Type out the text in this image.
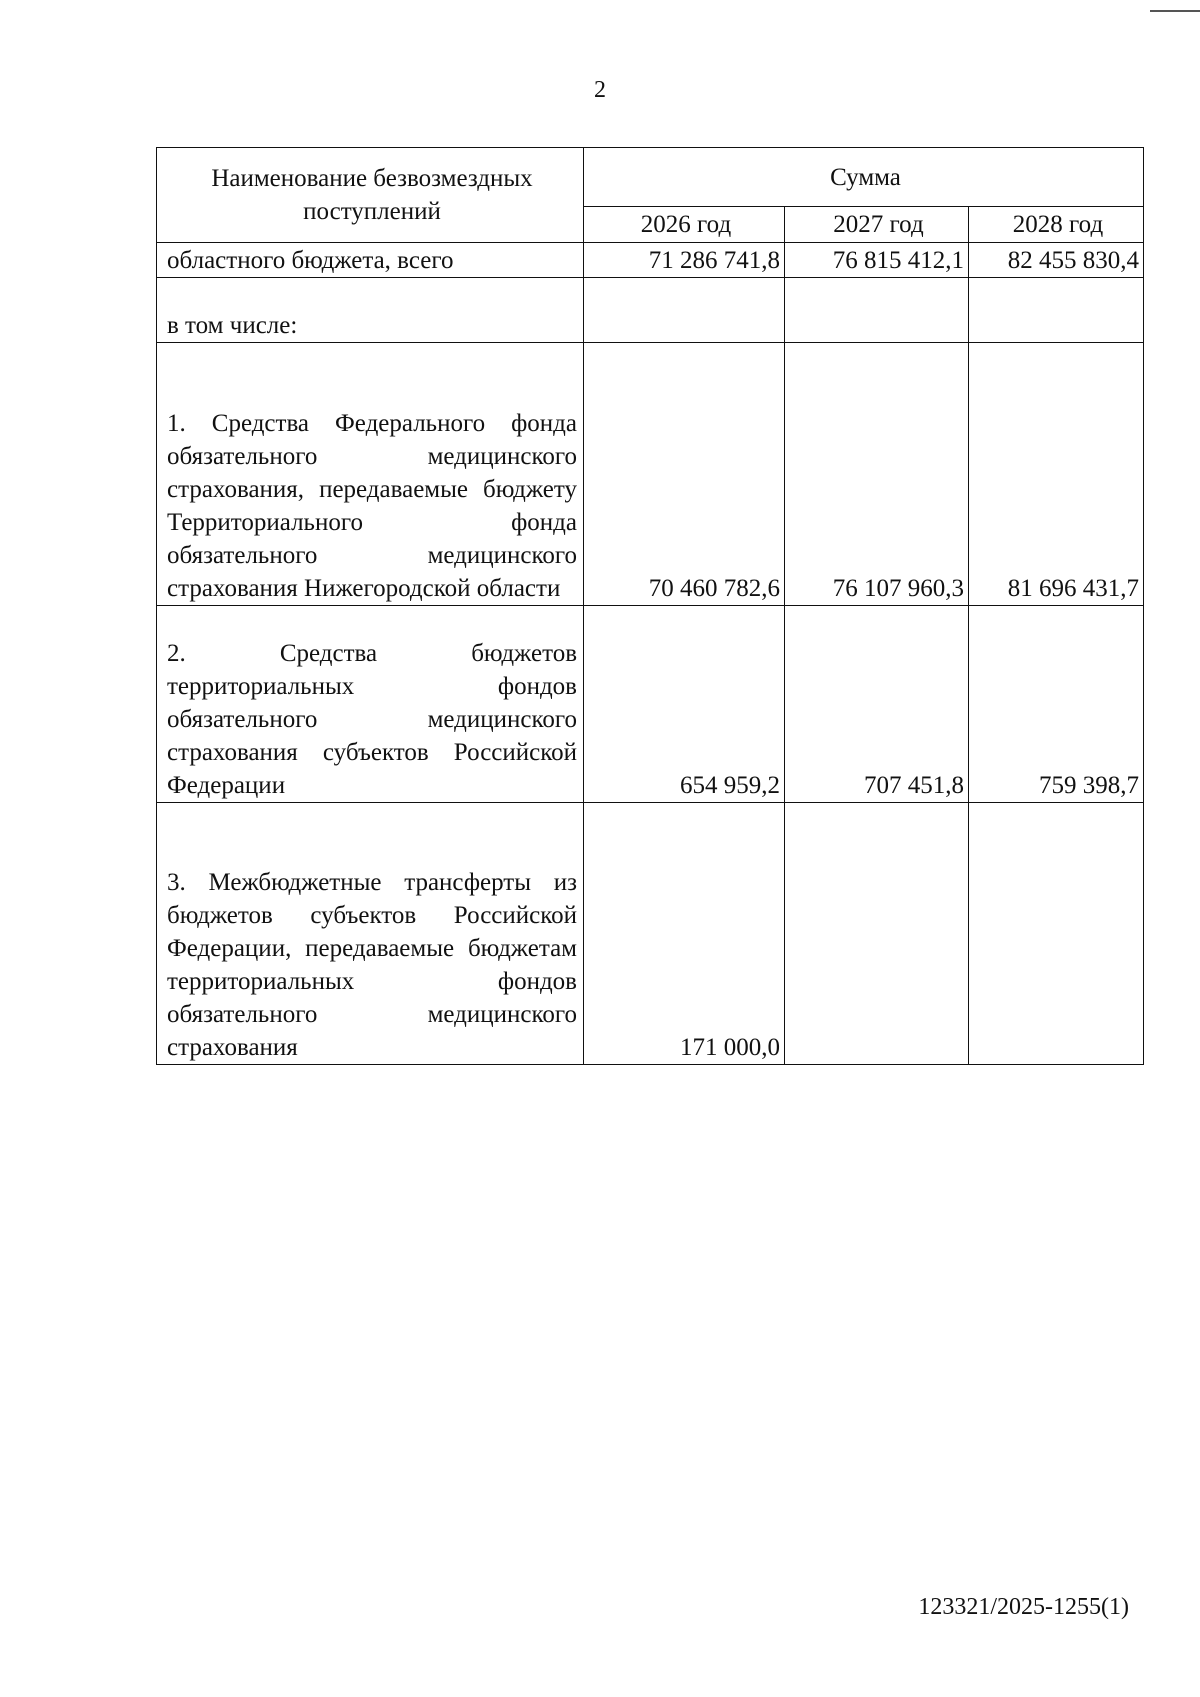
2
Наименование безвозмездных поступлений	Сумма		
	2026 год	2027 год	2028 год
областного бюджета, всего	71 286 741,8	76 815 412,1	82 455 830,4
в том числе:			
1. Средства Федерального фонда обязательного медицинского страхования, передаваемые бюджету Территориального фонда обязательного медицинского страхования Нижегородской области	70 460 782,6	76 107 960,3	81 696 431,7
2. Средства бюджетов территориальных фондов обязательного медицинского страхования субъектов Российской Федерации	654 959,2	707 451,8	759 398,7
3. Межбюджетные трансферты из бюджетов субъектов Российской Федерации, передаваемые бюджетам территориальных фондов обязательного медицинского страхования	171 000,0		
123321/2025-1255(1)
